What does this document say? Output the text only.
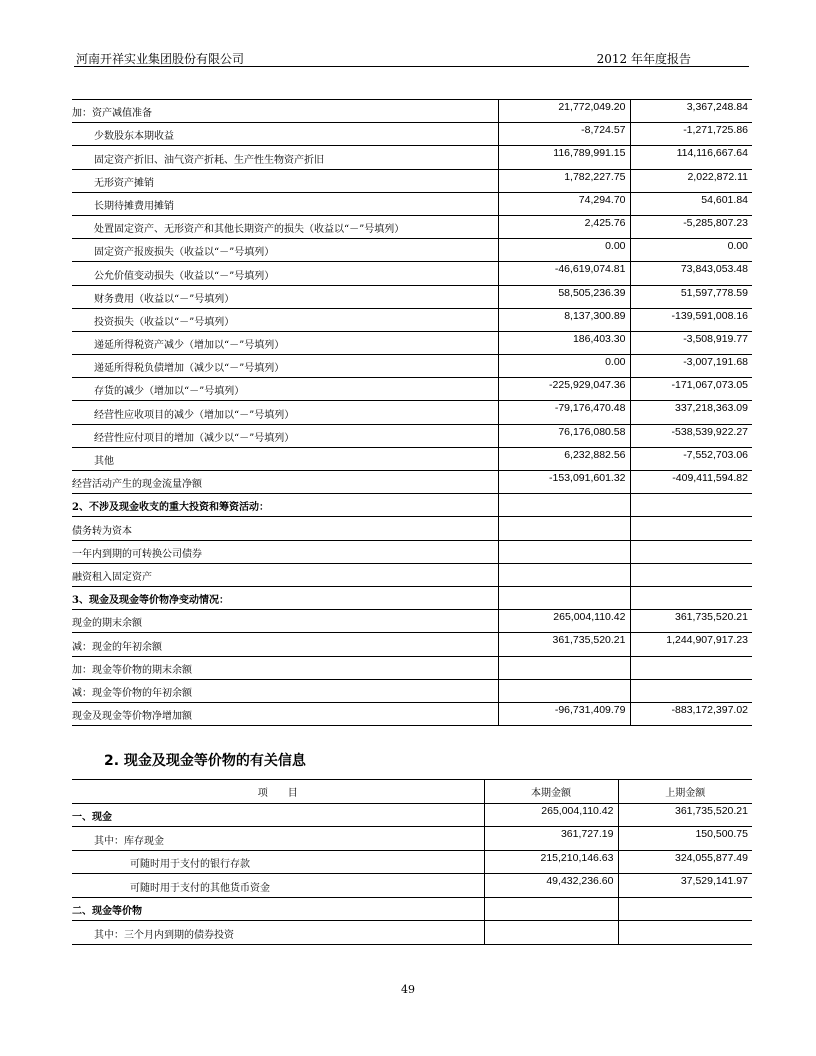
河南开祥实业集团股份有限公司	2012 年年度报告
加：资产减值准备	21,772,049.20	3,367,248.84
少数股东本期收益	-8,724.57	-1,271,725.86
固定资产折旧、油气资产折耗、生产性生物资产折旧	116,789,991.15	114,116,667.64
无形资产摊销	1,782,227.75	2,022,872.11
长期待摊费用摊销	74,294.70	54,601.84
处置固定资产、无形资产和其他长期资产的损失（收益以“－”号填列）	2,425.76	-5,285,807.23
固定资产报废损失（收益以“－”号填列）	0.00	0.00
公允价值变动损失（收益以“－”号填列）	-46,619,074.81	73,843,053.48
财务费用（收益以“－”号填列）	58,505,236.39	51,597,778.59
投资损失（收益以“－”号填列）	8,137,300.89	-139,591,008.16
递延所得税资产减少（增加以“－”号填列）	186,403.30	-3,508,919.77
递延所得税负债增加（减少以“－”号填列）	0.00	-3,007,191.68
存货的减少（增加以“－”号填列）	-225,929,047.36	-171,067,073.05
经营性应收项目的减少（增加以“－”号填列）	-79,176,470.48	337,218,363.09
经营性应付项目的增加（减少以“－”号填列）	76,176,080.58	-538,539,922.27
其他	6,232,882.56	-7,552,703.06
经营活动产生的现金流量净额	-153,091,601.32	-409,411,594.82
2、不涉及现金收支的重大投资和筹资活动：		
债务转为资本		
一年内到期的可转换公司债券		
融资租入固定资产		
3、现金及现金等价物净变动情况：		
现金的期末余额	265,004,110.42	361,735,520.21
减：现金的年初余额	361,735,520.21	1,244,907,917.23
加：现金等价物的期末余额		
减：现金等价物的年初余额		
现金及现金等价物净增加额	-96,731,409.79	-883,172,397.02
2. 现金及现金等价物的有关信息
项　　目	本期金额	上期金额
一、现金	265,004,110.42	361,735,520.21
其中：库存现金	361,727.19	150,500.75
可随时用于支付的银行存款	215,210,146.63	324,055,877.49
可随时用于支付的其他货币资金	49,432,236.60	37,529,141.97
二、现金等价物		
其中：三个月内到期的债券投资		
49
